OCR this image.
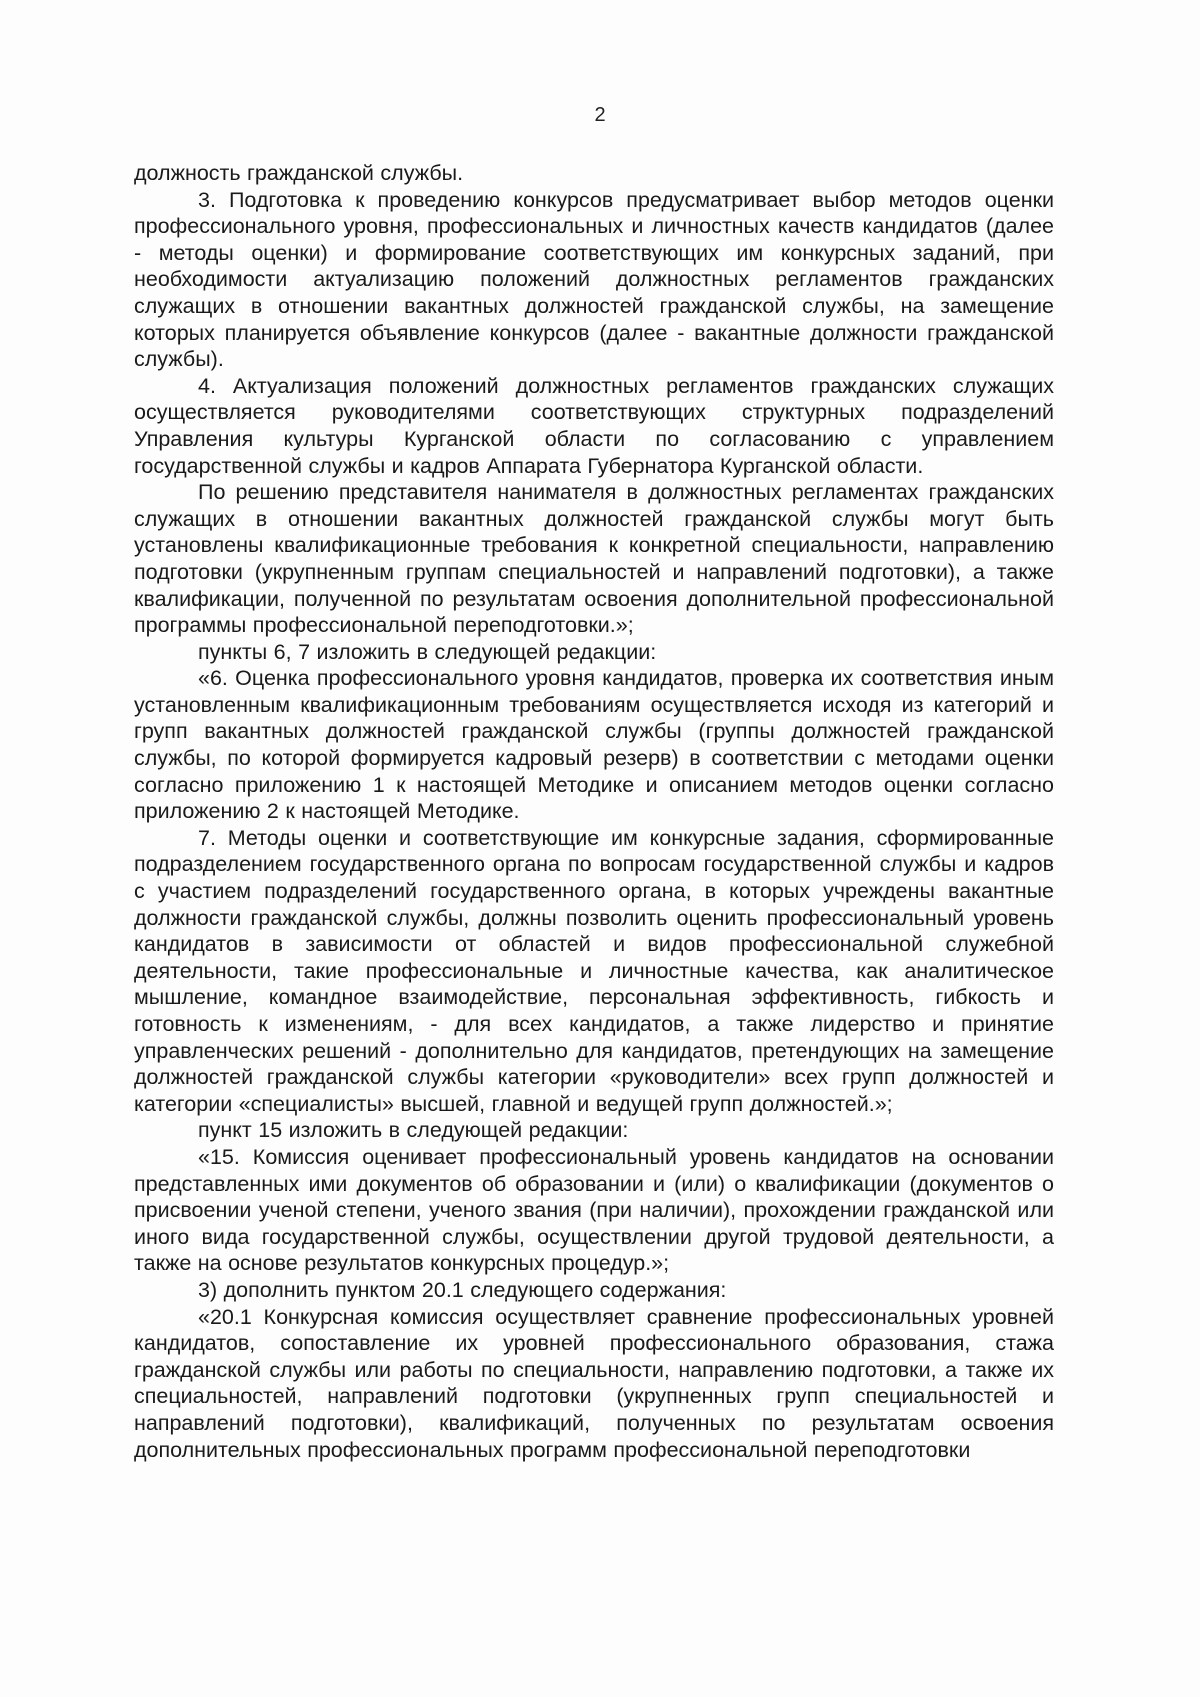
2

должность гражданской службы.

3. Подготовка к проведению конкурсов предусматривает выбор методов оценки профессионального уровня, профессиональных и личностных качеств кандидатов (далее - методы оценки) и формирование соответствующих им конкурсных заданий, при необходимости актуализацию положений должностных регламентов гражданских служащих в отношении вакантных должностей гражданской службы, на замещение которых планируется объявление конкурсов (далее - вакантные должности гражданской службы).

4. Актуализация положений должностных регламентов гражданских служащих осуществляется руководителями соответствующих структурных подразделений Управления культуры Курганской области по согласованию с управлением государственной службы и кадров Аппарата Губернатора Курганской области.

По решению представителя нанимателя в должностных регламентах гражданских служащих в отношении вакантных должностей гражданской службы могут быть установлены квалификационные требования к конкретной специальности, направлению подготовки (укрупненным группам специальностей и направлений подготовки), а также квалификации, полученной по результатам освоения дополнительной профессиональной программы профессиональной переподготовки.»;

пункты 6, 7 изложить в следующей редакции:

«6. Оценка профессионального уровня кандидатов, проверка их соответствия иным установленным квалификационным требованиям осуществляется исходя из категорий и групп вакантных должностей гражданской службы (группы должностей гражданской службы, по которой формируется кадровый резерв) в соответствии с методами оценки согласно приложению 1 к настоящей Методике и описанием методов оценки согласно приложению 2 к настоящей Методике.

7. Методы оценки и соответствующие им конкурсные задания, сформированные подразделением государственного органа по вопросам государственной службы и кадров с участием подразделений государственного органа, в которых учреждены вакантные должности гражданской службы, должны позволить оценить профессиональный уровень кандидатов в зависимости от областей и видов профессиональной служебной деятельности, такие профессиональные и личностные качества, как аналитическое мышление, командное взаимодействие, персональная эффективность, гибкость и готовность к изменениям, - для всех кандидатов, а также лидерство и принятие управленческих решений - дополнительно для кандидатов, претендующих на замещение должностей гражданской службы категории «руководители» всех групп должностей и категории «специалисты» высшей, главной и ведущей групп должностей.»;

пункт 15 изложить в следующей редакции:

«15. Комиссия оценивает профессиональный уровень кандидатов на основании представленных ими документов об образовании и (или) о квалификации (документов о присвоении ученой степени, ученого звания (при наличии), прохождении гражданской или иного вида государственной службы, осуществлении другой трудовой деятельности, а также на основе результатов конкурсных процедур.»;

3) дополнить пунктом 20.1 следующего содержания:

«20.1 Конкурсная комиссия осуществляет сравнение профессиональных уровней кандидатов, сопоставление их уровней профессионального образования, стажа гражданской службы или работы по специальности, направлению подготовки, а также их специальностей, направлений подготовки (укрупненных групп специальностей и направлений подготовки), квалификаций, полученных по результатам освоения дополнительных профессиональных программ профессиональной переподготовки
